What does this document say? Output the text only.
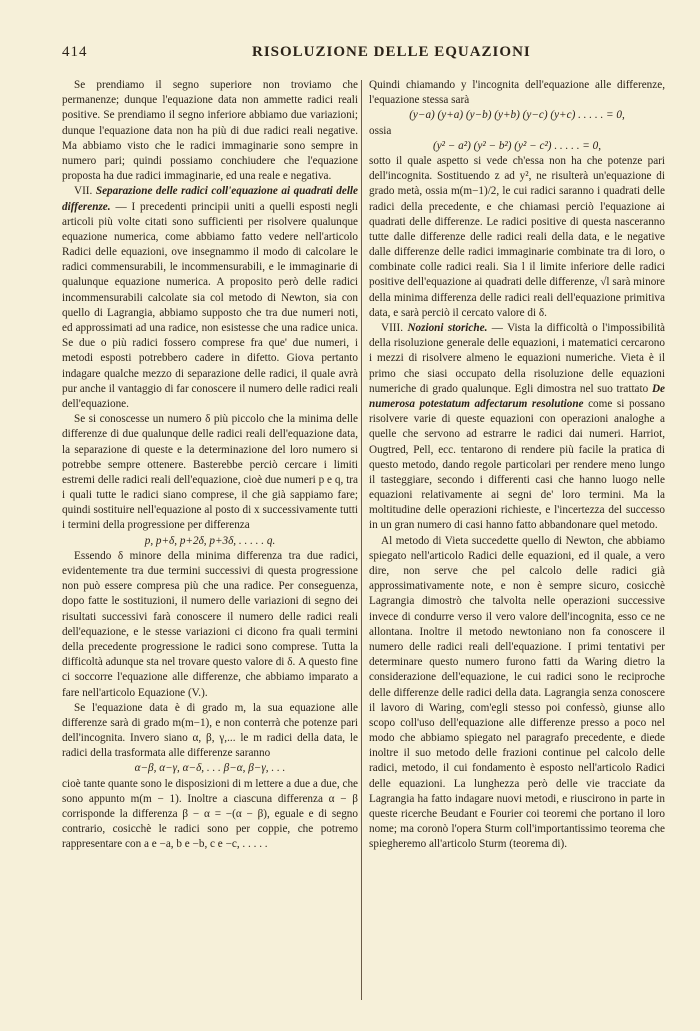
414	RISOLUZIONE DELLE EQUAZIONI

Se prendiamo il segno superiore non troviamo che permanenze; dunque l'equazione data non ammette radici reali positive. Se prendiamo il segno inferiore abbiamo due variazioni; dunque l'equazione data non ha più di due radici reali negative. Ma abbiamo visto che le radici immaginarie sono sempre in numero pari; quindi possiamo conchiudere che l'equazione proposta ha due radici immaginarie, ed una reale e negativa.

VII. Separazione delle radici coll'equazione ai quadrati delle differenze. — I precedenti principii uniti a quelli esposti negli articoli più volte citati sono sufficienti per risolvere qualunque equazione numerica, come abbiamo fatto vedere nell'articolo Radici delle equazioni, ove insegnammo il modo di calcolare le radici commensurabili, le incommensurabili, e le immaginarie di qualunque equazione numerica. A proposito però delle radici incommensurabili calcolate sia col metodo di Newton, sia con quello di Lagrangia, abbiamo supposto che tra due numeri noti, ed approssimati ad una radice, non esistesse che una radice unica. Se due o più radici fossero comprese fra que' due numeri, i metodi esposti potrebbero cadere in difetto. Giova pertanto indagare qualche mezzo di separazione delle radici, il quale avrà pur anche il vantaggio di far conoscere il numero delle radici reali dell'equazione.

Se si conoscesse un numero δ più piccolo che la minima delle differenze di due qualunque delle radici reali dell'equazione data, la separazione di queste e la determinazione del loro numero si potrebbe sempre ottenere. Basterebbe perciò cercare i limiti estremi delle radici reali dell'equazione, cioè due numeri p e q, tra i quali tutte le radici siano comprese, il che già sappiamo fare; quindi sostituire nell'equazione al posto di x successivamente tutti i termini della progressione per differenza

p, p+δ, p+2δ, p+3δ, . . . . . q.

Essendo δ minore della minima differenza tra due radici, evidentemente tra due termini successivi di questa progressione non può essere compresa più che una radice. Per conseguenza, dopo fatte le sostituzioni, il numero delle variazioni di segno dei risultati successivi farà conoscere il numero delle radici reali dell'equazione, e le stesse variazioni ci dicono fra quali termini della precedente progressione le radici sono comprese. Tutta la difficoltà adunque sta nel trovare questo valore di δ. A questo fine ci soccorre l'equazione alle differenze, che abbiamo imparato a fare nell'articolo Equazione (V.).

Se l'equazione data è di grado m, la sua equazione alle differenze sarà di grado m(m−1), e non conterrà che potenze pari dell'incognita. Invero siano α, β, γ,... le m radici della data, le radici della trasformata alle differenze saranno

α−β, α−γ, α−δ, . . . β−α, β−γ, . . .

cioè tante quante sono le disposizioni di m lettere a due a due, che sono appunto m(m − 1). Inoltre a ciascuna differenza α − β corrisponde la differenza β − α = −(α − β), eguale e di segno contrario, cosicchè le radici sono per coppie, che potremo rappresentare con a e −a, b e −b, c e −c, . . . . .

Quindi chiamando y l'incognita dell'equazione alle differenze, l'equazione stessa sarà

(y−a) (y+a) (y−b) (y+b) (y−c) (y+c) . . . . . = 0,

ossia

(y² − a²) (y² − b²) (y² − c²) . . . . . = 0,

sotto il quale aspetto si vede ch'essa non ha che potenze pari dell'incognita. Sostituendo z ad y², ne risulterà un'equazione di grado metà, ossia m(m−1)/2, le cui radici saranno i quadrati delle radici della precedente, e che chiamasi perciò l'equazione ai quadrati delle differenze. Le radici positive di questa nasceranno tutte dalle differenze delle radici reali della data, e le negative dalle differenze delle radici immaginarie combinate tra di loro, o combinate colle radici reali. Sia l il limite inferiore delle radici positive dell'equazione ai quadrati delle differenze, √l sarà minore della minima differenza delle radici reali dell'equazione primitiva data, e sarà perciò il cercato valore di δ.

VIII. Nozioni storiche. — Vista la difficoltà o l'impossibilità della risoluzione generale delle equazioni, i matematici cercarono i mezzi di risolvere almeno le equazioni numeriche. Vieta è il primo che siasi occupato della risoluzione delle equazioni numeriche di grado qualunque. Egli dimostra nel suo trattato De numerosa potestatum adfectarum resolutione come si possano risolvere varie di queste equazioni con operazioni analoghe a quelle che servono ad estrarre le radici dai numeri. Harriot, Ougtred, Pell, ecc. tentarono di rendere più facile la pratica di questo metodo, dando regole particolari per rendere meno lungo il tasteggiare, secondo i differenti casi che hanno luogo nelle equazioni relativamente ai segni de' loro termini. Ma la moltitudine delle operazioni richieste, e l'incertezza del successo in un gran numero di casi hanno fatto abbandonare quel metodo.

Al metodo di Vieta succedette quello di Newton, che abbiamo spiegato nell'articolo Radici delle equazioni, ed il quale, a vero dire, non serve che pel calcolo delle radici già approssimativamente note, e non è sempre sicuro, cosicchè Lagrangia dimostrò che talvolta nelle operazioni successive invece di condurre verso il vero valore dell'incognita, esso ce ne allontana. Inoltre il metodo newtoniano non fa conoscere il numero delle radici reali dell'equazione. I primi tentativi per determinare questo numero furono fatti da Waring dietro la considerazione dell'equazione, le cui radici sono le reciproche delle differenze delle radici della data. Lagrangia senza conoscere il lavoro di Waring, com'egli stesso poi confessò, giunse allo scopo coll'uso dell'equazione alle differenze presso a poco nel modo che abbiamo spiegato nel paragrafo precedente, e diede inoltre il suo metodo delle frazioni continue pel calcolo delle radici, metodo, il cui fondamento è esposto nell'articolo Radici delle equazioni. La lunghezza però delle vie tracciate da Lagrangia ha fatto indagare nuovi metodi, e riuscirono in parte in queste ricerche Beudant e Fourier coi teoremi che portano il loro nome; ma coronò l'opera Sturm coll'importantissimo teorema che spiegheremo all'articolo Sturm (teorema di).
